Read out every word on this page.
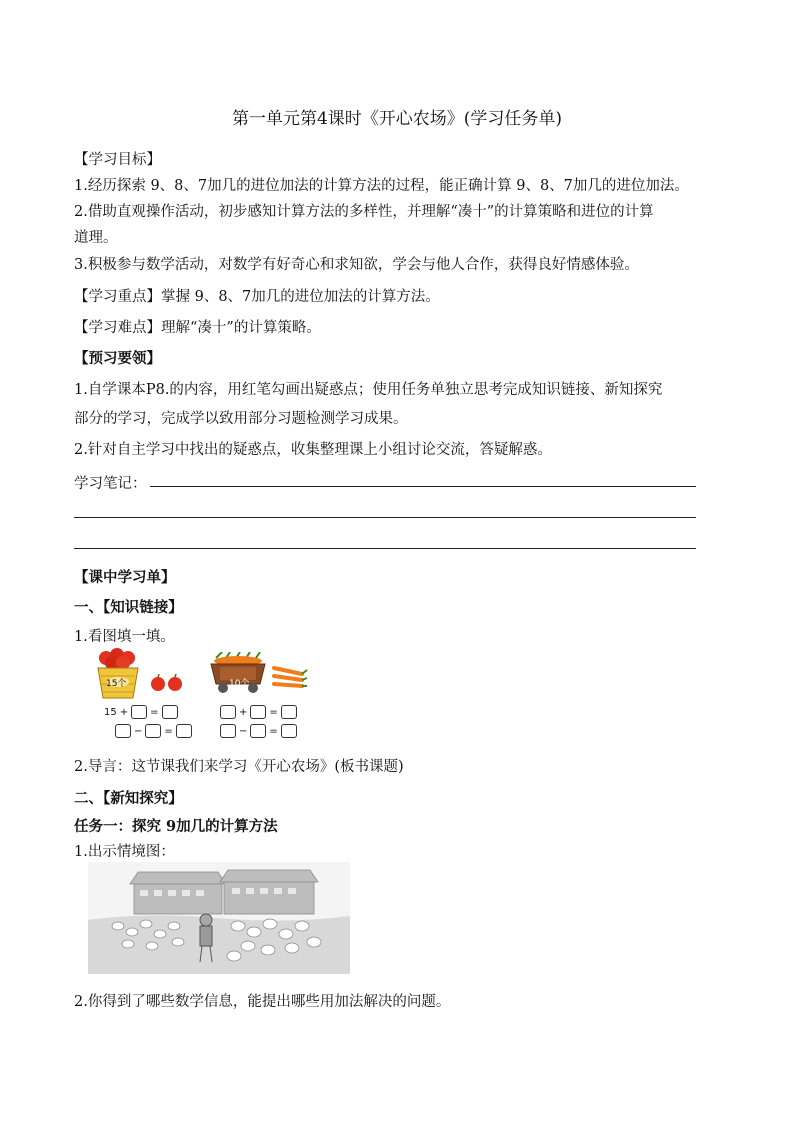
第一单元第4课时《开心农场》(学习任务单)
【学习目标】
1.经历探索 9、8、7加几的进位加法的计算方法的过程，能正确计算 9、8、7加几的进位加法。
2.借助直观操作活动，初步感知计算方法的多样性，并理解“凑十”的计算策略和进位的计算
道理。
3.积极参与数学活动，对数学有好奇心和求知欲，学会与他人合作，获得良好情感体验。
【学习重点】掌握 9、8、7加几的进位加法的计算方法。
【学习难点】理解“凑十”的计算策略。
【预习要领】
1.自学课本P8.的内容，用红笔勾画出疑惑点；使用任务单独立思考完成知识链接、新知探究
部分的学习，完成学以致用部分习题检测学习成果。
2.针对自主学习中找出的疑惑点，收集整理课上小组讨论交流，答疑解惑。
学习笔记：
【课中学习单】
一、【知识链接】
1.看图填一填。
15个	10个
15 + =
− =
+ =
− =
2.导言：这节课我们来学习《开心农场》(板书课题)
二、【新知探究】
任务一：探究 9加几的计算方法
1.出示情境图：
2.你得到了哪些数学信息，能提出哪些用加法解决的问题。
